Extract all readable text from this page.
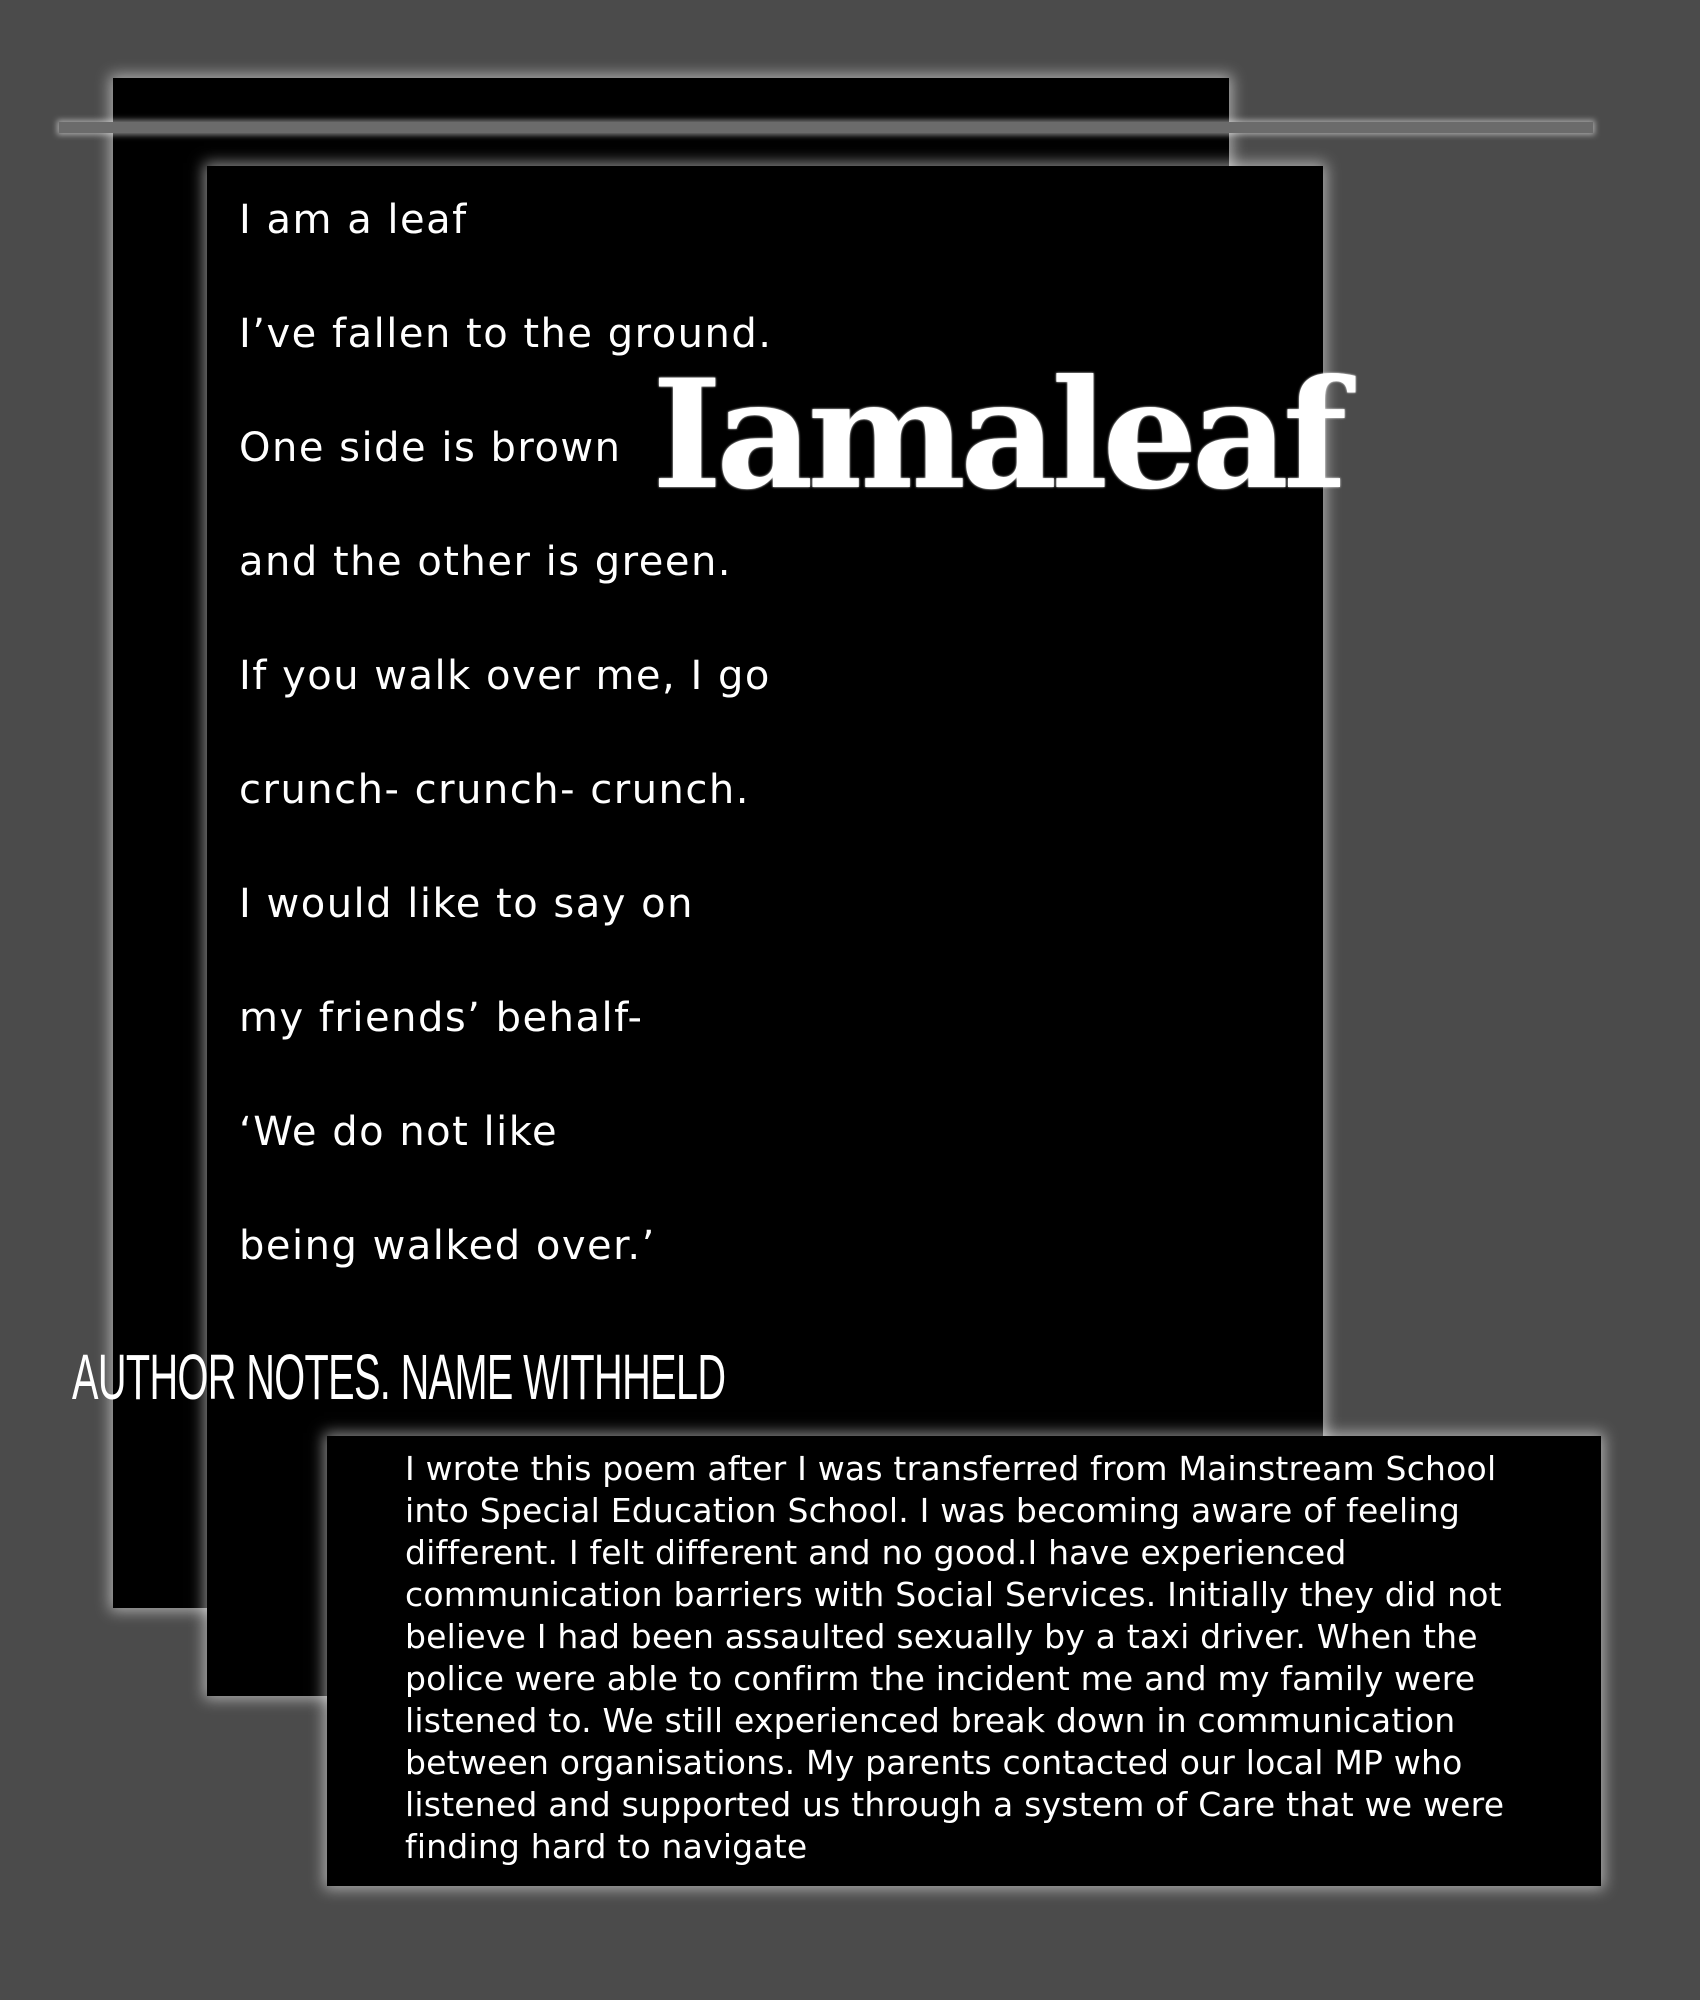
I am a leaf
I’ve fallen to the ground.
One side is brown
and the other is green.
If you walk over me, I go
crunch- crunch- crunch.
I would like to say on
my friends’ behalf-
‘We do not like
being walked over.’
Iamaleaf
AUTHOR NOTES. NAME WITHHELD

I wrote this poem after I was transferred from Mainstream School
into Special Education School. I was becoming aware of feeling
different. I felt different and no good.I have experienced
communication barriers with Social Services. Initially they did not
believe I had been assaulted sexually by a taxi driver. When the
police were able to confirm the incident me and my family were
listened to. We still experienced break down in communication
between organisations. My parents contacted our local MP who
listened and supported us through a system of Care that we were
finding hard to navigate
